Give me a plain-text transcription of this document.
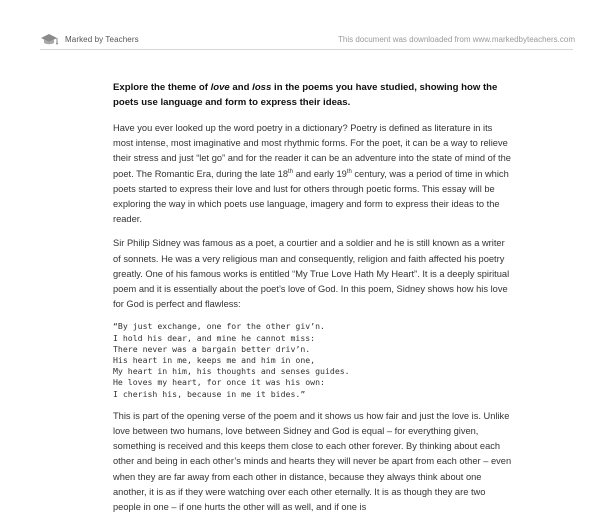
Marked by Teachers	This document was downloaded from www.markedbyteachers.com

Explore the theme of love and loss in the poems you have studied, showing how the poets use language and form to express their ideas.

Have you ever looked up the word poetry in a dictionary? Poetry is defined as literature in its most intense, most imaginative and most rhythmic forms. For the poet, it can be a way to relieve their stress and just “let go” and for the reader it can be an adventure into the state of mind of the poet. The Romantic Era, during the late 18th and early 19th century, was a period of time in which poets started to express their love and lust for others through poetic forms. This essay will be exploring the way in which poets use language, imagery and form to express their ideas to the reader.

Sir Philip Sidney was famous as a poet, a courtier and a soldier and he is still known as a writer of sonnets. He was a very religious man and consequently, religion and faith affected his poetry greatly. One of his famous works is entitled “My True Love Hath My Heart”. It is a deeply spiritual poem and it is essentially about the poet’s love of God. In this poem, Sidney shows how his love for God is perfect and flawless:

“By just exchange, one for the other giv’n.
I hold his dear, and mine he cannot miss:
There never was a bargain better driv’n.
His heart in me, keeps me and him in one,
My heart in him, his thoughts and senses guides.
He loves my heart, for once it was his own:
I cherish his, because in me it bides.”

This is part of the opening verse of the poem and it shows us how fair and just the love is. Unlike love between two humans, love between Sidney and God is equal – for everything given, something is received and this keeps them close to each other forever. By thinking about each other and being in each other’s minds and hearts they will never be apart from each other – even when they are far away from each other in distance, because they always think about one another, it is as if they were watching over each other eternally. It is as though they are two people in one – if one hurts the other will as well, and if one is
